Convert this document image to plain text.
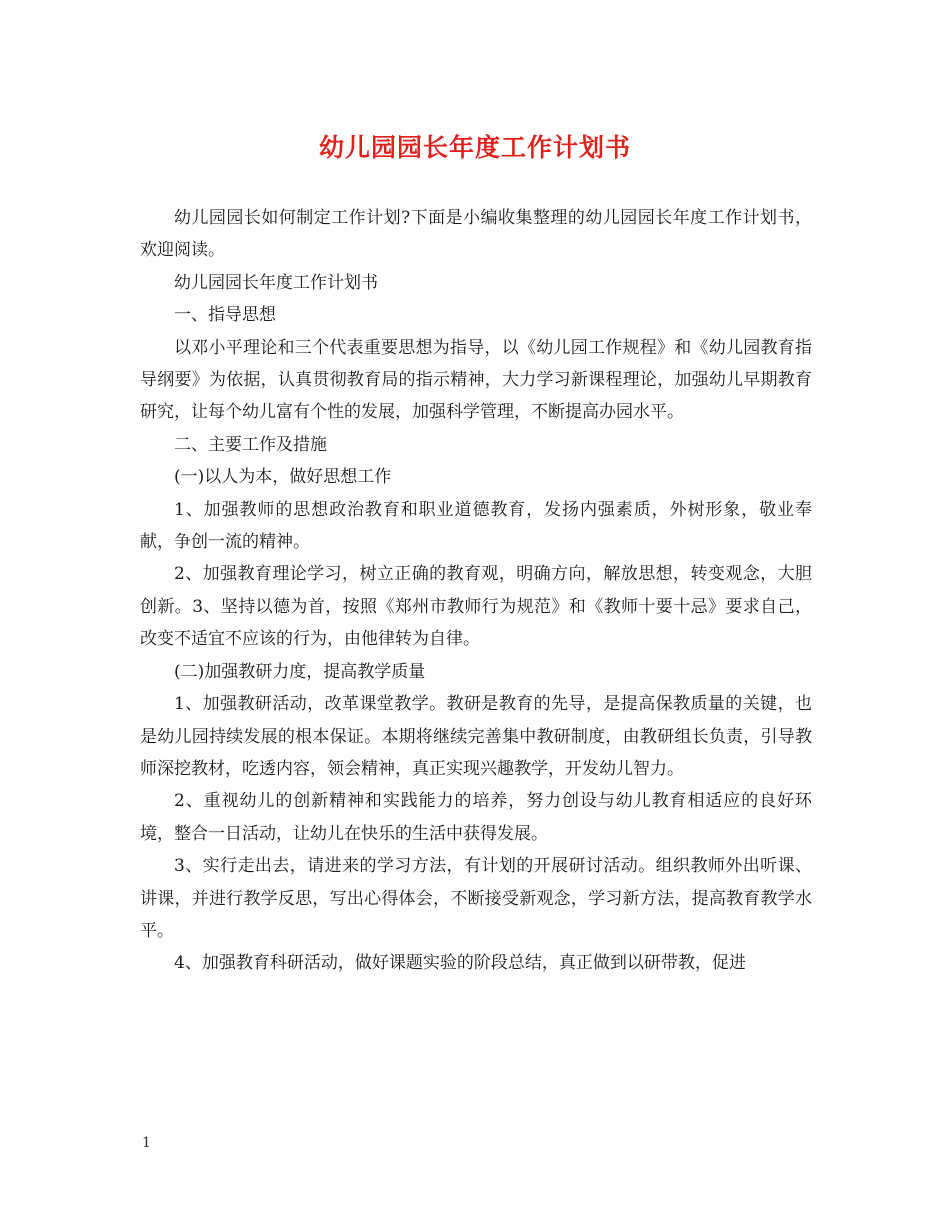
幼儿园园长年度工作计划书

幼儿园园长如何制定工作计划?下面是小编收集整理的幼儿园园长年度工作计划书，欢迎阅读。

幼儿园园长年度工作计划书

一、指导思想

以邓小平理论和三个代表重要思想为指导，以《幼儿园工作规程》和《幼儿园教育指导纲要》为依据，认真贯彻教育局的指示精神，大力学习新课程理论，加强幼儿早期教育研究，让每个幼儿富有个性的发展，加强科学管理，不断提高办园水平。

二、主要工作及措施

(一)以人为本，做好思想工作

1、加强教师的思想政治教育和职业道德教育，发扬内强素质，外树形象，敬业奉献，争创一流的精神。

2、加强教育理论学习，树立正确的教育观，明确方向，解放思想，转变观念，大胆创新。3、坚持以德为首，按照《郑州市教师行为规范》和《教师十要十忌》要求自己，改变不适宜不应该的行为，由他律转为自律。

(二)加强教研力度，提高教学质量

1、加强教研活动，改革课堂教学。教研是教育的先导，是提高保教质量的关键，也是幼儿园持续发展的根本保证。本期将继续完善集中教研制度，由教研组长负责，引导教师深挖教材，吃透内容，领会精神，真正实现兴趣教学，开发幼儿智力。

2、重视幼儿的创新精神和实践能力的培养，努力创设与幼儿教育相适应的良好环境，整合一日活动，让幼儿在快乐的生活中获得发展。

3、实行走出去，请进来的学习方法，有计划的开展研讨活动。组织教师外出听课、讲课，并进行教学反思，写出心得体会，不断接受新观念，学习新方法，提高教育教学水平。

4、加强教育科研活动，做好课题实验的阶段总结，真正做到以研带教，促进

1
